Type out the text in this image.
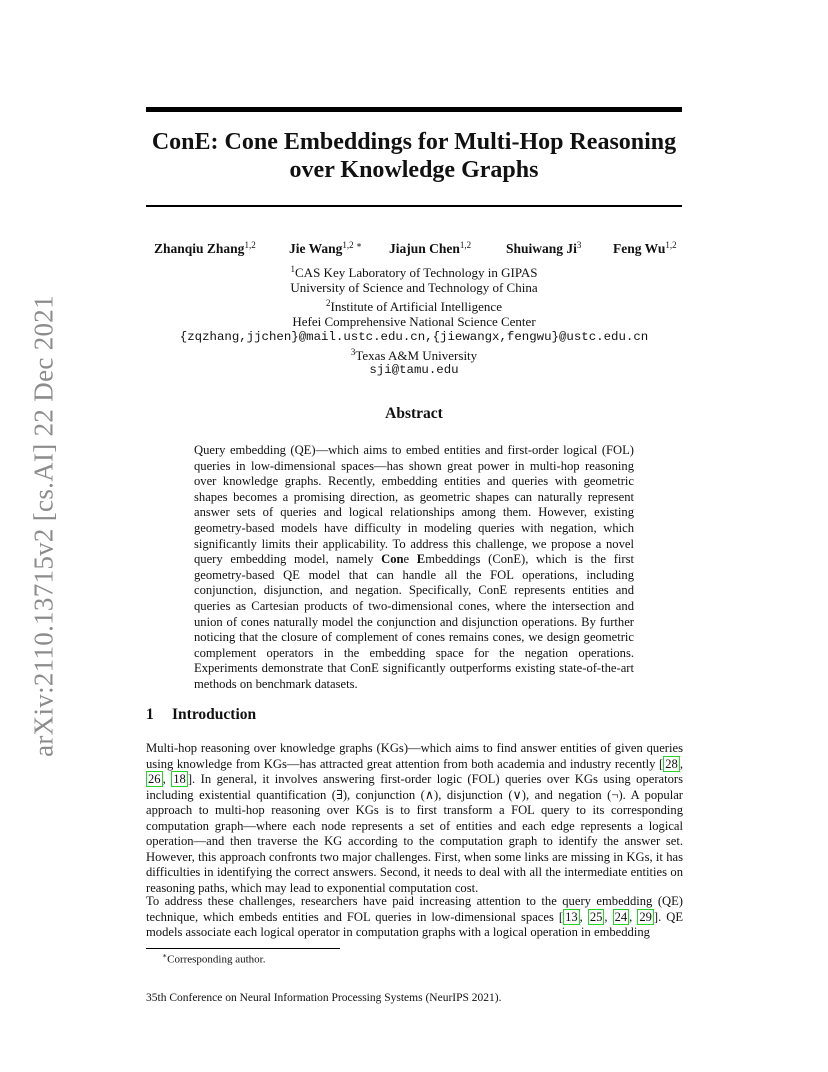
arXiv:2110.13715v2 [cs.AI] 22 Dec 2021
ConE: Cone Embeddings for Multi-Hop Reasoning
over Knowledge Graphs
Zhanqiu Zhang$^{1,2}$ Jie Wang$^{1,2 ∗}$ Jiajun Chen$^{1,2}$	Shuiwang Ji$^3$ Feng Wu$^{1,2}$
$^1$CAS Key Laboratory of Technology in GIPAS
University of Science and Technology of China
$^2$Institute of Artificial Intelligence
Hefei Comprehensive National Science Center
{zqzhang,jjchen}@mail.ustc.edu.cn,{jiewangx,fengwu}@ustc.edu.cn
$^3$Texas A&M University
sji@tamu.edu
Abstract
Query embedding (QE)—which aims to embed entities and first-order logical (FOL) queries in low-dimensional spaces—has shown great power in multi-hop reasoning over knowledge graphs. Recently, embedding entities and queries with geometric shapes becomes a promising direction, as geometric shapes can naturally represent answer sets of queries and logical relationships among them. However, existing geometry-based models have difficulty in modeling queries with negation, which significantly limits their applicability. To address this challenge, we propose a novel query embedding model, namely Cone Embeddings (ConE), which is the first geometry-based QE model that can handle all the FOL operations, including conjunction, disjunction, and negation. Specifically, ConE represents entities and queries as Cartesian products of two-dimensional cones, where the intersection and union of cones naturally model the conjunction and disjunction operations. By further noticing that the closure of complement of cones remains cones, we design geometric complement operators in the embedding space for the negation operations. Experiments demonstrate that ConE significantly outperforms existing state-of-the-art methods on benchmark datasets.
1 Introduction
Multi-hop reasoning over knowledge graphs (KGs)—which aims to find answer entities of given queries using knowledge from KGs—has attracted great attention from both academia and industry recently [ 28 , 26 , 18 ]. In general, it involves answering first-order logic (FOL) queries over KGs using operators including existential quantification (∃), conjunction (∧), disjunction (∨), and negation (¬). A popular approach to multi-hop reasoning over KGs is to first transform a FOL query to its corresponding computation graph—where each node represents a set of entities and each edge represents a logical operation—and then traverse the KG according to the computation graph to identify the answer set. However, this approach confronts two major challenges. First, when some links are missing in KGs, it has difficulties in identifying the correct answers. Second, it needs to deal with all the intermediate entities on reasoning paths, which may lead to exponential computation cost.
To address these challenges, researchers have paid increasing attention to the query embedding (QE) technique, which embeds entities and FOL queries in low-dimensional spaces [ 13 , 25 , 24 , 29 ]. QE models associate each logical operator in computation graphs with a logical operation in embedding
∗Corresponding author.
35th Conference on Neural Information Processing Systems (NeurIPS 2021).
